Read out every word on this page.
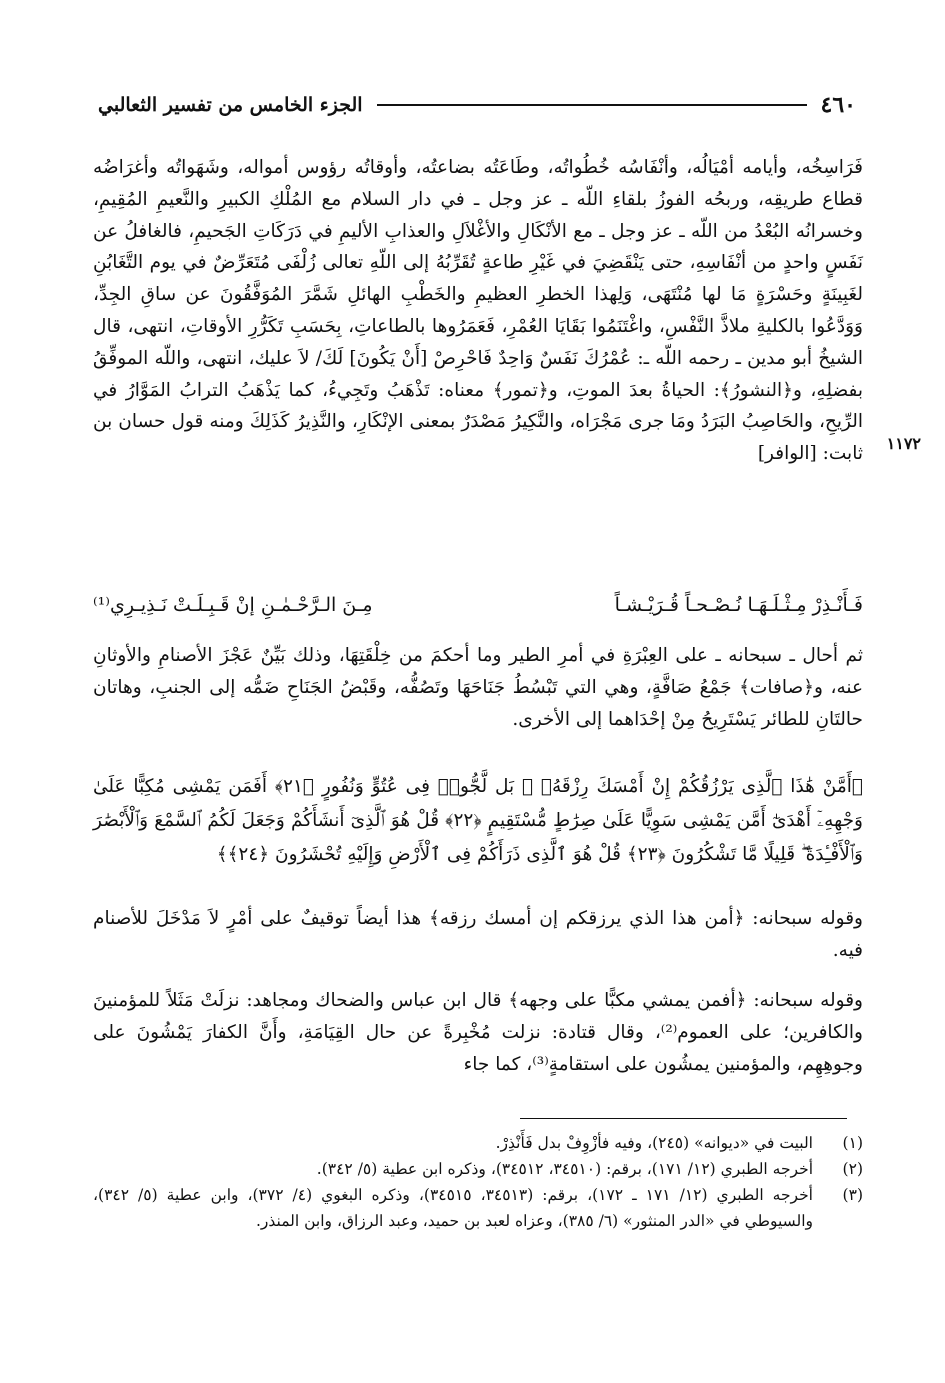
٤٦٠
الجزء الخامس من تفسير الثعالبي
١١٧٢

فَرَاسِخُه، وأيامه أمْيَالُه، وأنْفَاسُه خُطُواتُه، وطَاعَتُه بضاعتُه، وأوقاتُه رؤوس أمواله، وشَهَواتُه وأغرَاضُه قطاع طريقِه، وربحُه الفوزُ بلقاءِ اللّه ـ عز وجل ـ في دار السلام مع المُلْكِ الكبيرِ والنَّعيمِ المُقِيمِ، وخسرانُه البُعْدُ من اللّه ـ عز وجل ـ مع الأنْكَالِ والأغْلاَلِ والعذابِ الأليمِ في دَرَكَاتِ الجَحيمِ، فالغافلُ عن نَفَسٍ واحدٍ من أنْفَاسِهِ، حتى يَنْقَضِيَ في غَيْرِ طاعةٍ تُقَرِّبُهُ إلى اللّهِ تعالى زُلْفَى مُتَعَرِّضٌ في يوم التَّغَابُنِ لغَبِينَةٍ وحَسْرَةٍ مَا لها مُنْتَهَى، وَلِهذا الخطرِ العظيمِ والخَطْبِ الهائلِ شَمَّرَ المُوَفَّقُونَ عن ساقِ الجِدِّ، وَوَدَّعُوا بالكليةِ ملاذَّ النَّفْسِ، واغْتَنَمُوا بَقَايَا العُمْرِ، فَعَمَرُوها بالطاعاتِ، بِحَسَبِ تَكَرُّرِ الأوقاتِ، انتهى، قال الشيخُ أبو مدين ـ رحمه اللّه ـ: عُمْرُكَ نَفَسٌ وَاحِدٌ فَاحْرِصْ [أَنْ يَكُونَ] لَكَ/ لاَ عليك، انتهى، واللّه الموفِّقُ بفضلِهِ، و﴿النشورُ﴾: الحياةُ بعدَ الموتِ، و﴿تمور﴾ معناه: تَذْهَبُ وتَجِيءُ، كما يَذْهَبُ الترابُ المَوَّارُ في الرِّيحِ، والحَاصِبُ البَرَدُ ومَا جرى مَجْرَاه، والنَّكِيرُ مَصْدَرٌ بمعنى الإنْكَارِ، والنَّذِيرُ كَذَلِكَ ومنه قول حسان بن ثابت: [الوافر]

فَـأَنْـذِرْ مِـثْـلَـهَـا نُـصْـحـاً قُـرَيْـشـاً
مِـنَ الـرَّحْـمٰـنِ إنْ قَـبِـلَـتْ نَـذِيـرِي⁽¹⁾

ثم أحال ـ سبحانه ـ على العِبْرَةِ في أمرِ الطير وما أحكمَ من خِلْقَتِهَا، وذلك بَيِّنٌ عَجْزَ الأصنامِ والأوثانِ عنه، و﴿صافات﴾ جَمْعُ صَافَّةٍ، وهي التي تَبْسُطُ جَنَاحَهَا وتَصُفُّه، وقَبْضُ الجَنَاحِ ضَمُّه إلى الجنبِ، وهاتان حالتَانِ للطائر يَسْتَرِيحُ مِنْ إحْدَاهما إلى الأخرى.

﴿أَمَّنْ هَٰذَا ٱلَّذِى يَرْزُقُكُمْ إِنْ أَمْسَكَ رِزْقَهُۥ ۚ بَل لَّجُّوا۟ فِى عُتُوٍّ وَنُفُورٍ ﴿٢١﴾ أَفَمَن يَمْشِى مُكِبًّا عَلَىٰ وَجْهِهِۦٓ أَهْدَىٰٓ أَمَّن يَمْشِى سَوِيًّا عَلَىٰ صِرَٰطٍ مُّسْتَقِيمٍ ﴿٢٢﴾ قُلْ هُوَ ٱلَّذِىٓ أَنشَأَكُمْ وَجَعَلَ لَكُمُ ٱلسَّمْعَ وَٱلْأَبْصَٰرَ وَٱلْأَفْـِٔدَةَ ۖ قَلِيلًا مَّا تَشْكُرُونَ ﴿٢٣﴾ قُلْ هُوَ ٱلَّذِى ذَرَأَكُمْ فِى ٱلْأَرْضِ وَإِلَيْهِ تُحْشَرُونَ ﴿٢٤﴾﴾

وقوله سبحانه: ﴿أمن هذا الذي يرزقكم إن أمسك رزقه﴾ هذا أيضاً توقيفٌ على أمْرٍ لاَ مَدْخَلَ للأصنام فيه.

وقوله سبحانه: ﴿أفمن يمشي مكبًّا على وجهه﴾ قال ابن عباس والضحاك ومجاهد: نزلَتْ مَثَلاً للمؤمنينَ والكافرين؛ على العموم⁽²⁾، وقال قتادة: نزلت مُخْبِرةً عن حال القِيَامَةِ، وأَنَّ الكفارَ يَمْشُونَ على وجوهِهِم، والمؤمنين يمشُون على استقامةٍ⁽³⁾، كما جاء

(١)
البيت في «ديوانه» (٢٤٥)، وفيه فأزْوِفْ بدل فَأَنْذِرْ.
(٢)
أخرجه الطبري (١٢/ ١٧١)، برقم: (٣٤٥١٠، ٣٤٥١٢)، وذكره ابن عطية (٥/ ٣٤٢).
(٣)
أخرجه الطبري (١٢/ ١٧١ ـ ١٧٢)، برقم: (٣٤٥١٣، ٣٤٥١٥)، وذكره البغوي (٤/ ٣٧٢)، وابن عطية (٥/ ٣٤٢)، والسيوطي في «الدر المنثور» (٦/ ٣٨٥)، وعزاه لعبد بن حميد، وعبد الرزاق، وابن المنذر.
